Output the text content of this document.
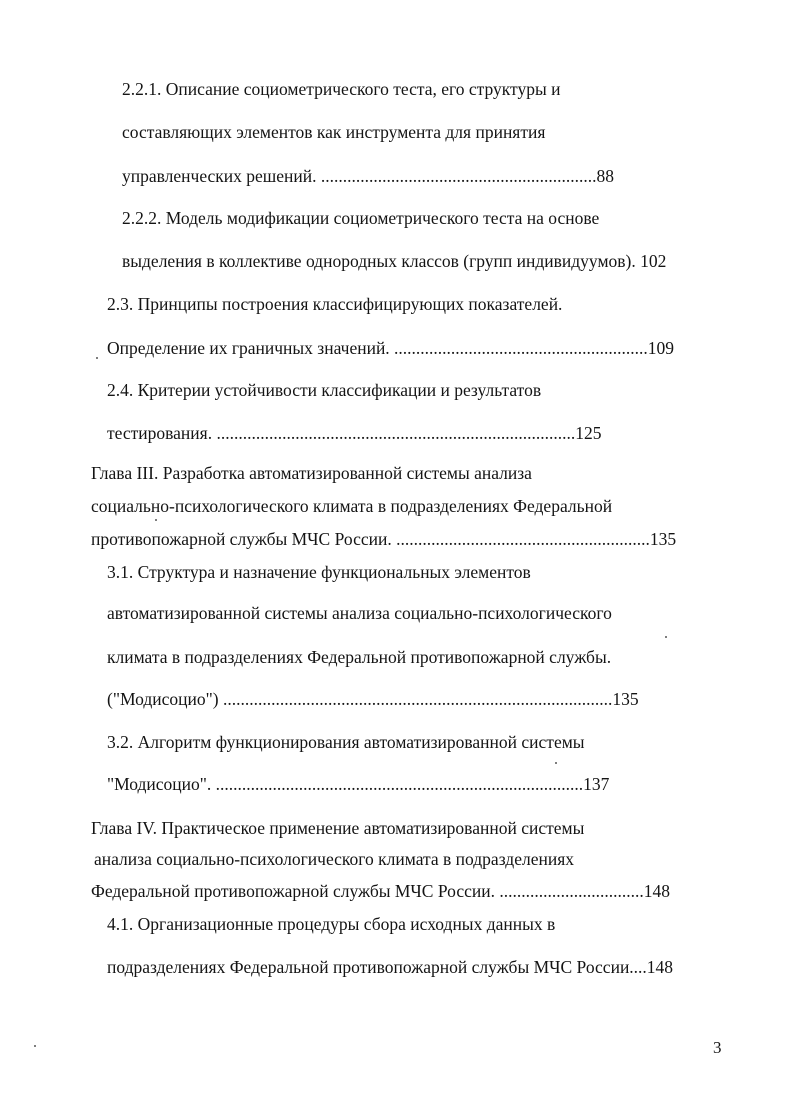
2.2.1. Описание социометрического теста, его структуры и
составляющих элементов как инструмента для принятия
управленческих решений. ...............................................................88
2.2.2. Модель модификации социометрического теста на основе
выделения в коллективе однородных классов (групп индивидуумов). 102
2.3. Принципы построения классифицирующих показателей.
Определение их граничных значений. ..........................................................109
2.4. Критерии устойчивости классификации и результатов
тестирования. ..................................................................................125
Глава III. Разработка автоматизированной системы анализа
социально-психологического климата в подразделениях Федеральной
противопожарной службы МЧС России. ..........................................................135
3.1. Структура и назначение функциональных элементов
автоматизированной системы анализа социально-психологического
климата в подразделениях Федеральной противопожарной службы.
("Модисоцио") .........................................................................................135
3.2. Алгоритм функционирования автоматизированной системы
"Модисоцио". ....................................................................................137
Глава IV. Практическое применение автоматизированной системы
анализа социально-психологического климата в подразделениях
Федеральной противопожарной службы МЧС России. .................................148
4.1. Организационные процедуры сбора исходных данных в
подразделениях Федеральной противопожарной службы МЧС России....148
3
